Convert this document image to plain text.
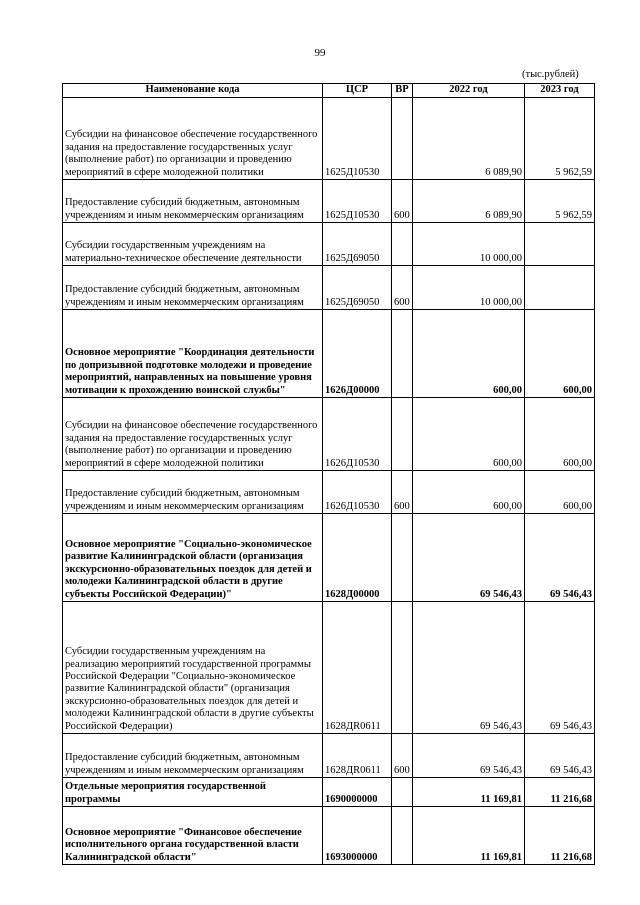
99
(тыс.рублей)
Наименование кода	ЦСР	ВР	2022 год	2023 год
Субсидии на финансовое обеспечение государственного задания на предоставление государственных услуг (выполнение работ) по организации и проведению мероприятий в сфере молодежной политики	1625Д10530		6 089,90	5 962,59
Предоставление субсидий бюджетным, автономным учреждениям и иным некоммерческим организациям	1625Д10530	600	6 089,90	5 962,59
Субсидии государственным учреждениям на материально-техническое обеспечение деятельности	1625Д69050		10 000,00	
Предоставление субсидий бюджетным, автономным учреждениям и иным некоммерческим организациям	1625Д69050	600	10 000,00	
Основное мероприятие "Координация деятельности по допризывной подготовке молодежи и проведение мероприятий, направленных на повышение уровня мотивации к прохождению воинской службы"	1626Д00000		600,00	600,00
Субсидии на финансовое обеспечение государственного задания на предоставление государственных услуг (выполнение работ) по организации и проведению мероприятий в сфере молодежной политики	1626Д10530		600,00	600,00
Предоставление субсидий бюджетным, автономным учреждениям и иным некоммерческим организациям	1626Д10530	600	600,00	600,00
Основное мероприятие "Социально-экономическое развитие Калининградской области (организация экскурсионно-образовательных поездок для детей и молодежи Калининградской области в другие субъекты Российской Федерации)"	1628Д00000		69 546,43	69 546,43
Субсидии государственным учреждениям на реализацию мероприятий государственной программы Российской Федерации "Социально-экономическое развитие Калининградской области" (организация экскурсионно-образовательных поездок для детей и молодежи Калининградской области в другие субъекты Российской Федерации)	1628ДR0611		69 546,43	69 546,43
Предоставление субсидий бюджетным, автономным учреждениям и иным некоммерческим организациям	1628ДR0611	600	69 546,43	69 546,43
Отдельные мероприятия государственной программы	1690000000		11 169,81	11 216,68
Основное мероприятие "Финансовое обеспечение исполнительного органа государственной власти Калининградской области"	1693000000		11 169,81	11 216,68
